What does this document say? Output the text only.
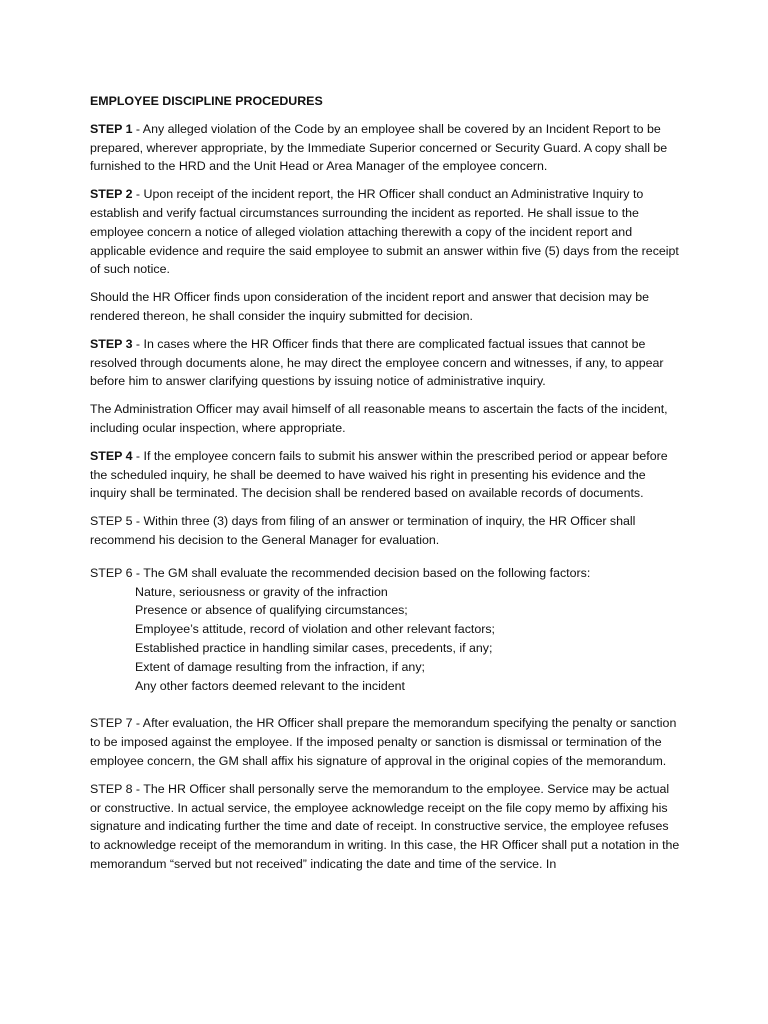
EMPLOYEE DISCIPLINE PROCEDURES

STEP 1 - Any alleged violation of the Code by an employee shall be covered by an Incident Report to be prepared, wherever appropriate, by the Immediate Superior concerned or Security Guard. A copy shall be furnished to the HRD and the Unit Head or Area Manager of the employee concern.

STEP 2 - Upon receipt of the incident report, the HR Officer shall conduct an Administrative Inquiry to establish and verify factual circumstances surrounding the incident as reported. He shall issue to the employee concern a notice of alleged violation attaching therewith a copy of the incident report and applicable evidence and require the said employee to submit an answer within five (5) days from the receipt of such notice.

Should the HR Officer finds upon consideration of the incident report and answer that decision may be rendered thereon, he shall consider the inquiry submitted for decision.

STEP 3 - In cases where the HR Officer finds that there are complicated factual issues that cannot be resolved through documents alone, he may direct the employee concern and witnesses, if any, to appear before him to answer clarifying questions by issuing notice of administrative inquiry.

The Administration Officer may avail himself of all reasonable means to ascertain the facts of the incident, including ocular inspection, where appropriate.

STEP 4 - If the employee concern fails to submit his answer within the prescribed period or appear before the scheduled inquiry, he shall be deemed to have waived his right in presenting his evidence and the inquiry shall be terminated. The decision shall be rendered based on available records of documents.

STEP 5 - Within three (3) days from filing of an answer or termination of inquiry, the HR Officer shall recommend his decision to the General Manager for evaluation.

STEP 6 - The GM shall evaluate the recommended decision based on the following factors:
Nature, seriousness or gravity of the infraction
Presence or absence of qualifying circumstances;
Employee’s attitude, record of violation and other relevant factors;
Established practice in handling similar cases, precedents, if any;
Extent of damage resulting from the infraction, if any;
Any other factors deemed relevant to the incident

STEP 7 - After evaluation, the HR Officer shall prepare the memorandum specifying the penalty or sanction to be imposed against the employee. If the imposed penalty or sanction is dismissal or termination of the employee concern, the GM shall affix his signature of approval in the original copies of the memorandum.

STEP 8 - The HR Officer shall personally serve the memorandum to the employee. Service may be actual or constructive. In actual service, the employee acknowledge receipt on the file copy memo by affixing his signature and indicating further the time and date of receipt. In constructive service, the employee refuses to acknowledge receipt of the memorandum in writing. In this case, the HR Officer shall put a notation in the memorandum “served but not received” indicating the date and time of the service. In
